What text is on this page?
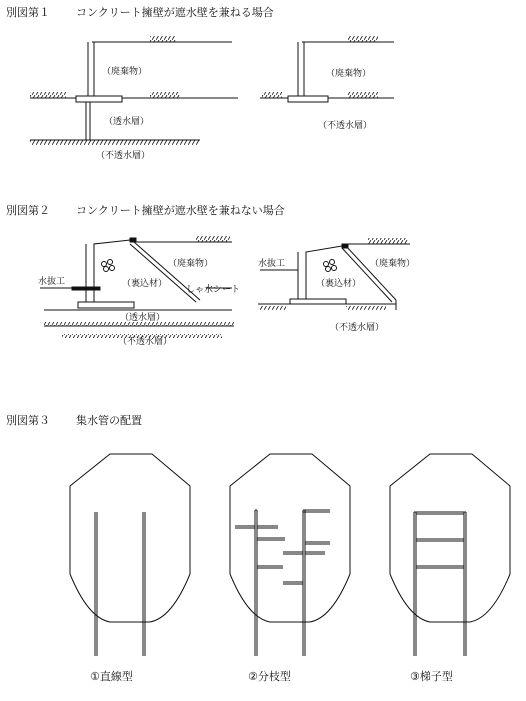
別図第１ コンクリート擁壁が遮水壁を兼ねる場合
別図第２ コンクリート擁壁が遮水壁を兼ねない場合
別図第３ 集水管の配置
（廃棄物）
（透水層）
（不透水層）
（廃棄物）
（不透水層）
（廃棄物）
水抜工	（裏込材）
しゃ水シート
（透水層）
（不透水層）
水抜工	（廃棄物）
（裏込材）
（不透水層）
①直線型	②分枝型	③梯子型
